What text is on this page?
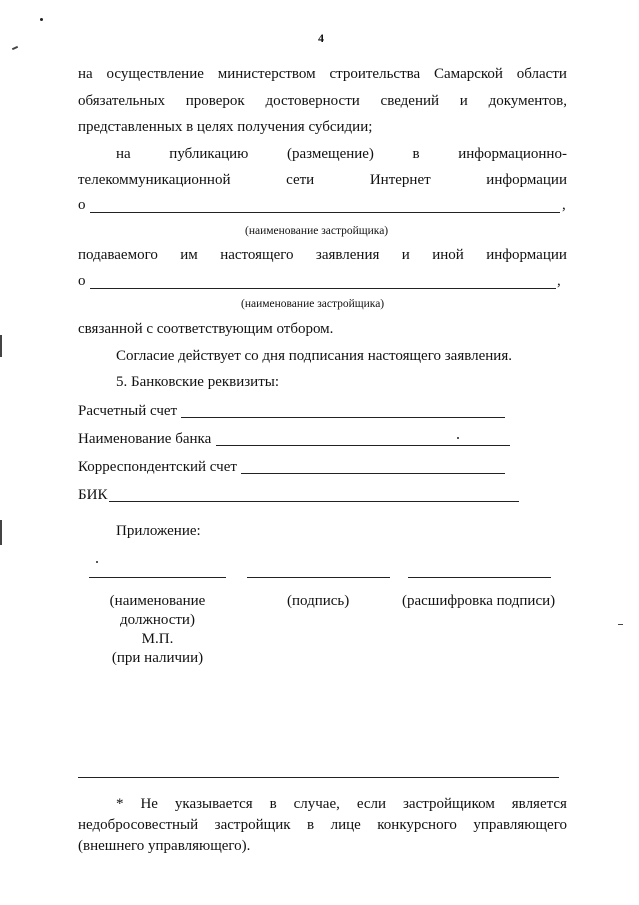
4
на осуществление министерством строительства Самарской области
обязательных проверок достоверности сведений и документов,
представленных в целях получения субсидии;
на	публикацию	(размещение)	в	информационно-
телекоммуникационной	сети	Интернет	информации
о	,
(наименование застройщика)
подаваемого им настоящего заявления и иной информации
о	,
(наименование застройщика)
связанной с соответствующим отбором.
Согласие действует со дня подписания настоящего заявления.
5. Банковские реквизиты:
Расчетный счет
Наименование банка
Корреспондентский счет
БИК
Приложение:
(наименование
должности)
М.П.
(при наличии)
(подпись)	(расшифровка подписи)
* Не указывается в случае, если застройщиком является
недобросовестный застройщик в лице конкурсного управляющего
(внешнего управляющего).
